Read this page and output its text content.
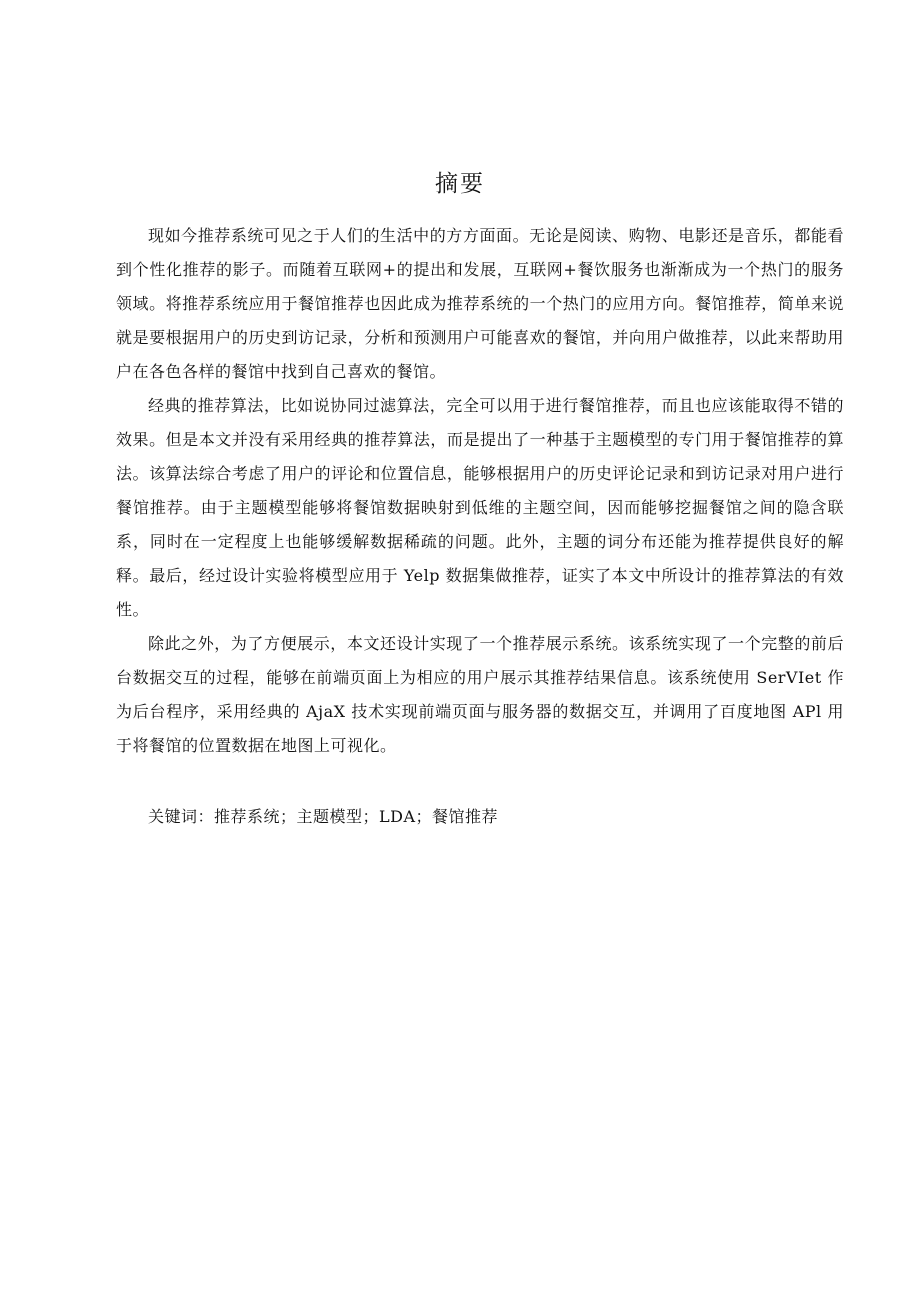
摘要

现如今推荐系统可见之于人们的生活中的方方面面。无论是阅读、购物、电影还是音乐，都能看到个性化推荐的影子。而随着互联网+的提出和发展，互联网+餐饮服务也渐渐成为一个热门的服务领域。将推荐系统应用于餐馆推荐也因此成为推荐系统的一个热门的应用方向。餐馆推荐，简单来说就是要根据用户的历史到访记录，分析和预测用户可能喜欢的餐馆，并向用户做推荐，以此来帮助用户在各色各样的餐馆中找到自己喜欢的餐馆。

经典的推荐算法，比如说协同过滤算法，完全可以用于进行餐馆推荐，而且也应该能取得不错的效果。但是本文并没有采用经典的推荐算法，而是提出了一种基于主题模型的专门用于餐馆推荐的算法。该算法综合考虑了用户的评论和位置信息，能够根据用户的历史评论记录和到访记录对用户进行餐馆推荐。由于主题模型能够将餐馆数据映射到低维的主题空间，因而能够挖掘餐馆之间的隐含联系，同时在一定程度上也能够缓解数据稀疏的问题。此外，主题的词分布还能为推荐提供良好的解释。最后，经过设计实验将模型应用于 Yelp 数据集做推荐，证实了本文中所设计的推荐算法的有效性。

除此之外，为了方便展示，本文还设计实现了一个推荐展示系统。该系统实现了一个完整的前后台数据交互的过程，能够在前端页面上为相应的用户展示其推荐结果信息。该系统使用 SerVIet 作为后台程序，采用经典的 AjaX 技术实现前端页面与服务器的数据交互，并调用了百度地图 APl 用于将餐馆的位置数据在地图上可视化。

关键词：推荐系统；主题模型；LDA；餐馆推荐
